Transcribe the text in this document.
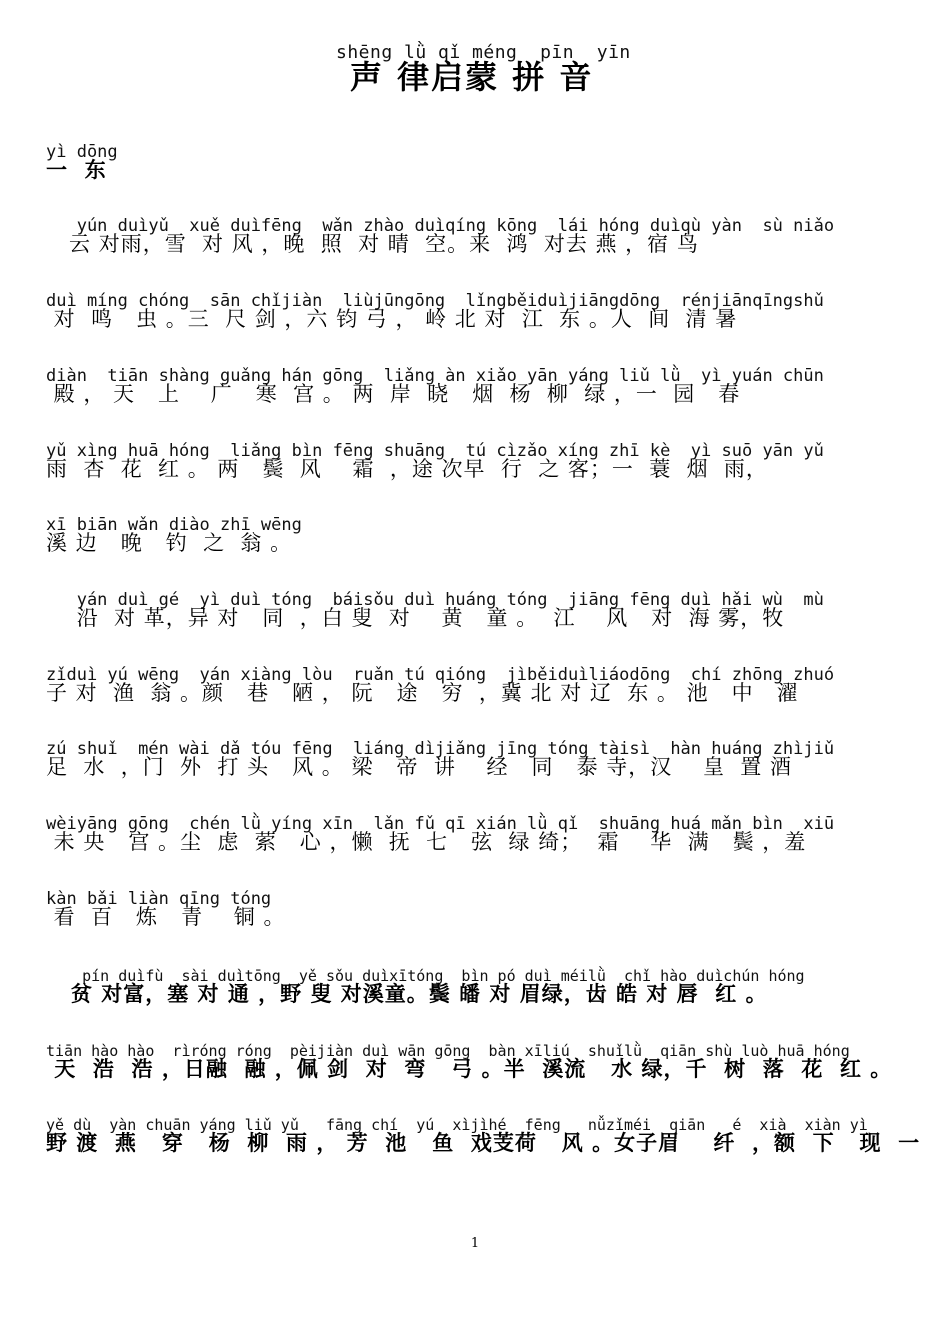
shēng lǜ qǐ méng  pīn  yīn
声 律启蒙 拼 音
yì dōng
一  东
yún duìyǔ  xuě duìfēng  wǎn zhào duìqíng kōng  lái hóng duìqù yàn  sù niǎo
云 对雨，雪  对 风 ，晚  照  对 晴  空。来  鸿  对去 燕 ，宿 鸟
duì míng chóng  sān chǐjiàn  liùjūngōng  lǐngběiduìjiāngdōng  rénjiānqīngshǔ
对  鸣   虫 。三  尺 剑 ，六 钧 弓 ， 岭 北 对  江  东 。人  间  清 暑
diàn  tiān shàng guǎng hán gōng  liǎng àn xiǎo yān yáng liǔ lǜ  yì yuán chūn
殿 ， 天   上    广   寒  宫 。 两  岸  晓   烟  杨  柳  绿 ，一  园   春
yǔ xìng huā hóng  liǎng bìn fēng shuāng  tú cìzǎo xíng zhī kè  yì suō yān yǔ
雨  杏  花  红 。 两   鬓  风    霜  ，途 次早  行  之 客；一  蓑  烟  雨，
xī biān wǎn diào zhī wēng
溪 边   晚   钓  之  翁 。
yán duì gé  yì duì tóng  báisǒu duì huáng tóng  jiāng fēng duì hǎi wù  mù
沿  对 革，异 对   同  ，白 叟  对    黄   童 。  江    风   对  海 雾，牧
zǐduì yú wēng  yán xiàng lòu  ruǎn tú qióng  jìběiduìliáodōng  chí zhōng zhuó
子 对  渔  翁 。颜   巷   陋 ， 阮   途   穷  ，冀 北 对 辽  东 。 池   中   濯
zú shuǐ  mén wài dǎ tóu fēng  liáng dìjiǎng jīng tóng tàisì  hàn huáng zhìjiǔ
足  水  ，门  外  打 头   风 。 梁   帝  讲    经   同   泰 寺，汉    皇  置 酒
wèiyāng gōng  chén lǜ yíng xīn  lǎn fǔ qī xián lǜ qǐ  shuāng huá mǎn bìn  xiū
未 央   宫 。尘  虑  萦   心 ，懒  抚  七   弦  绿 绮；  霜    华  满   鬓 ，羞
kàn bǎi liàn qīng tóng
看  百   炼   青    铜 。
pín duìfù  sài duìtōng  yě sǒu duìxītóng  bìn pó duì méilǜ  chǐ hào duìchún hóng
贫 对富，塞 对 通 ，野 叟 对溪童。鬓 皤 对 眉绿，齿 皓 对 唇  红 。
tiān hào hào  rìróng róng  pèijiàn duì wān gōng  bàn xīliú  shuǐlǜ  qiān shù luò huā hóng
天  浩  浩 ，日融  融 ，佩 剑  对  弯   弓 。半  溪流   水 绿，千  树  落  花  红 。
yě dù  yàn chuān yáng liǔ yǔ   fāng chí  yú  xìjìhé  fēng   nǚzǐméi  qiān   é  xià  xiàn yì
野 渡  燕   穿   杨  柳  雨 ， 芳  池   鱼  戏芰荷   风 。女子眉    纤  ，额  下   现  一
1
